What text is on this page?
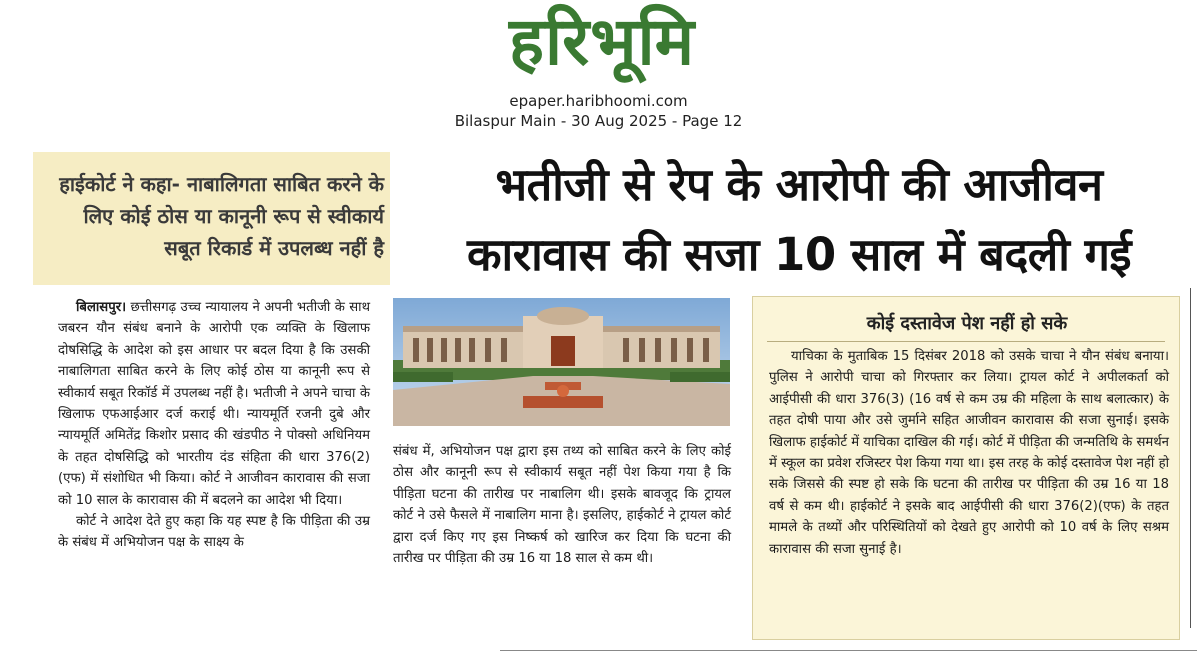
हरिभूमि
epaper.haribhoomi.com
Bilaspur Main - 30 Aug 2025 - Page 12
हाईकोर्ट ने कहा- नाबालिगता साबित करने के लिए कोई ठोस या कानूनी रूप से स्वीकार्य सबूत रिकार्ड में उपलब्ध नहीं है
भतीजी से रेप के आरोपी की आजीवन
कारावास की सजा 10 साल में बदली गई

बिलासपुर। छत्तीसगढ़ उच्च न्यायालय ने अपनी भतीजी के साथ जबरन यौन संबंध बनाने के आरोपी एक व्यक्ति के खिलाफ दोषसिद्धि के आदेश को इस आधार पर बदल दिया है कि उसकी नाबालिगता साबित करने के लिए कोई ठोस या कानूनी रूप से स्वीकार्य सबूत रिकॉर्ड में उपलब्ध नहीं है। भतीजी ने अपने चाचा के खिलाफ एफआईआर दर्ज कराई थी। न्यायमूर्ति रजनी दुबे और न्यायमूर्ति अमितेंद्र किशोर प्रसाद की खंडपीठ ने पोक्सो अधिनियम के तहत दोषसिद्धि को भारतीय दंड संहिता की धारा 376(2)(एफ) में संशोधित भी किया। कोर्ट ने आजीवन कारावास की सजा को 10 साल के कारावास की में बदलने का आदेश भी दिया।

कोर्ट ने आदेश देते हुए कहा कि यह स्पष्ट है कि पीड़िता की उम्र के संबंध में अभियोजन पक्ष के साक्ष्य के

संबंध में, अभियोजन पक्ष द्वारा इस तथ्य को साबित करने के लिए कोई ठोस और कानूनी रूप से स्वीकार्य सबूत नहीं पेश किया गया है कि पीड़िता घटना की तारीख पर नाबालिग थी। इसके बावजूद कि ट्रायल कोर्ट ने उसे फैसले में नाबालिग माना है। इसलिए, हाईकोर्ट ने ट्रायल कोर्ट द्वारा दर्ज किए गए इस निष्कर्ष को खारिज कर दिया कि घटना की तारीख पर पीड़िता की उम्र 16 या 18 साल से कम थी।

कोई दस्तावेज पेश नहीं हो सके

याचिका के मुताबिक 15 दिसंबर 2018 को उसके चाचा ने यौन संबंध बनाया। पुलिस ने आरोपी चाचा को गिरफ्तार कर लिया। ट्रायल कोर्ट ने अपीलकर्ता को आईपीसी की धारा 376(3) (16 वर्ष से कम उम्र की महिला के साथ बलात्कार) के तहत दोषी पाया और उसे जुर्माने सहित आजीवन कारावास की सजा सुनाई। इसके खिलाफ हाईकोर्ट में याचिका दाखिल की गई। कोर्ट में पीड़िता की जन्मतिथि के समर्थन में स्कूल का प्रवेश रजिस्टर पेश किया गया था। इस तरह के कोई दस्तावेज पेश नहीं हो सके जिससे की स्पष्ट हो सके कि घटना की तारीख पर पीड़िता की उम्र 16 या 18 वर्ष से कम थी। हाईकोर्ट ने इसके बाद आईपीसी की धारा 376(2)(एफ) के तहत मामले के तथ्यों और परिस्थितियों को देखते हुए आरोपी को 10 वर्ष के लिए सश्रम कारावास की सजा सुनाई है।
